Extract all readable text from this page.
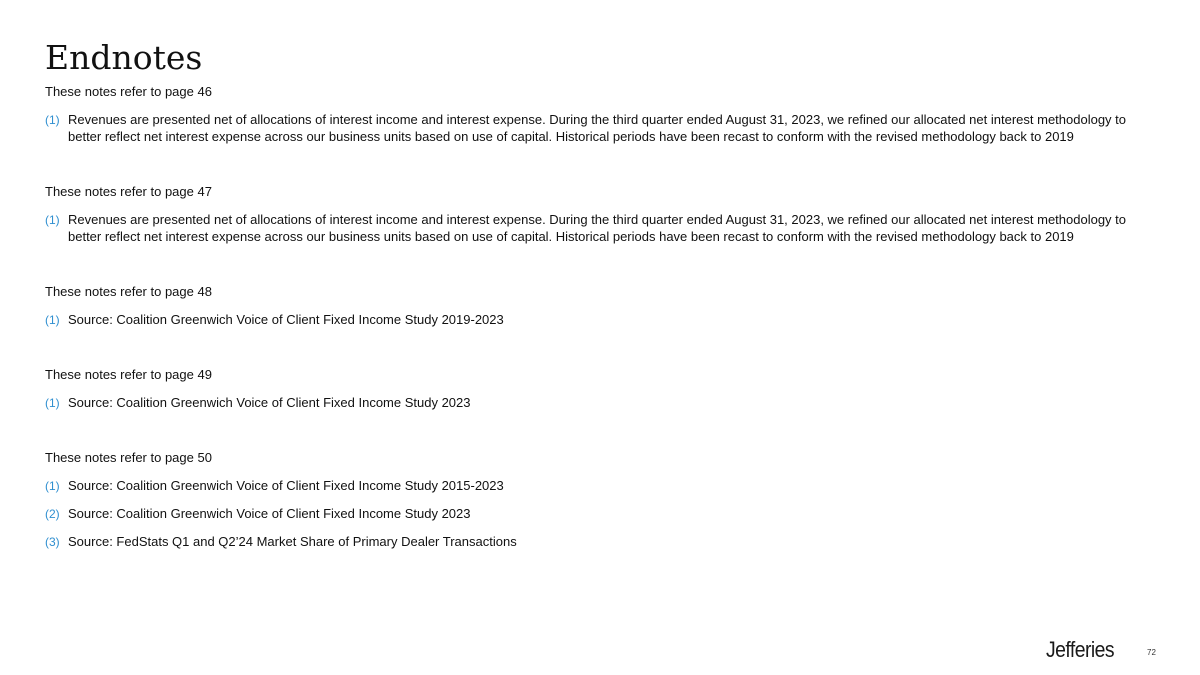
Endnotes
These notes refer to page 46
(1) Revenues are presented net of allocations of interest income and interest expense. During the third quarter ended August 31, 2023, we refined our allocated net interest methodology to better reflect net interest expense across our business units based on use of capital. Historical periods have been recast to conform with the revised methodology back to 2019
These notes refer to page 47
(1) Revenues are presented net of allocations of interest income and interest expense. During the third quarter ended August 31, 2023, we refined our allocated net interest methodology to better reflect net interest expense across our business units based on use of capital. Historical periods have been recast to conform with the revised methodology back to 2019
These notes refer to page 48
(1) Source: Coalition Greenwich Voice of Client Fixed Income Study 2019-2023
These notes refer to page 49
(1) Source: Coalition Greenwich Voice of Client Fixed Income Study 2023
These notes refer to page 50
(1) Source: Coalition Greenwich Voice of Client Fixed Income Study 2015-2023
(2) Source: Coalition Greenwich Voice of Client Fixed Income Study 2023
(3) Source: FedStats Q1 and Q2’24 Market Share of Primary Dealer Transactions
Jefferies	72
